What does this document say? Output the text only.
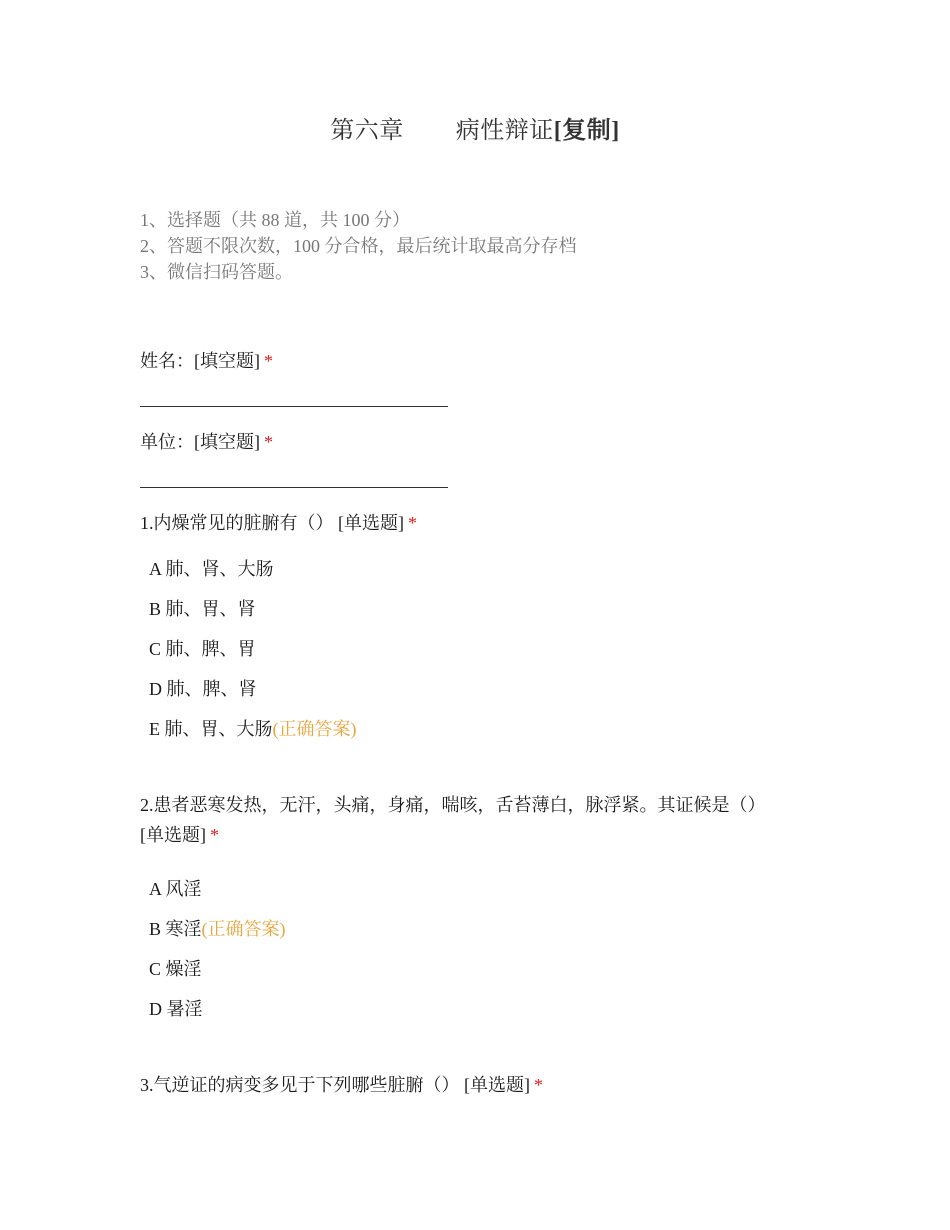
第六章 病性辩证[复制]
1、选择题（共 88 道，共 100 分）
2、答题不限次数，100 分合格，最后统计取最高分存档
3、微信扫码答题。
姓名：[填空题] *
单位：[填空题] *
1.内燥常见的脏腑有（） [单选题] *
A 肺、肾、大肠
B 肺、胃、肾
C 肺、脾、胃
D 肺、脾、肾
E 肺、胃、大肠(正确答案)
2.患者恶寒发热，无汗，头痛，身痛，喘咳，舌苔薄白，脉浮紧。其证候是（）
[单选题] *
A 风淫
B 寒淫(正确答案)
C 燥淫
D 暑淫
3.气逆证的病变多见于下列哪些脏腑（） [单选题] *
